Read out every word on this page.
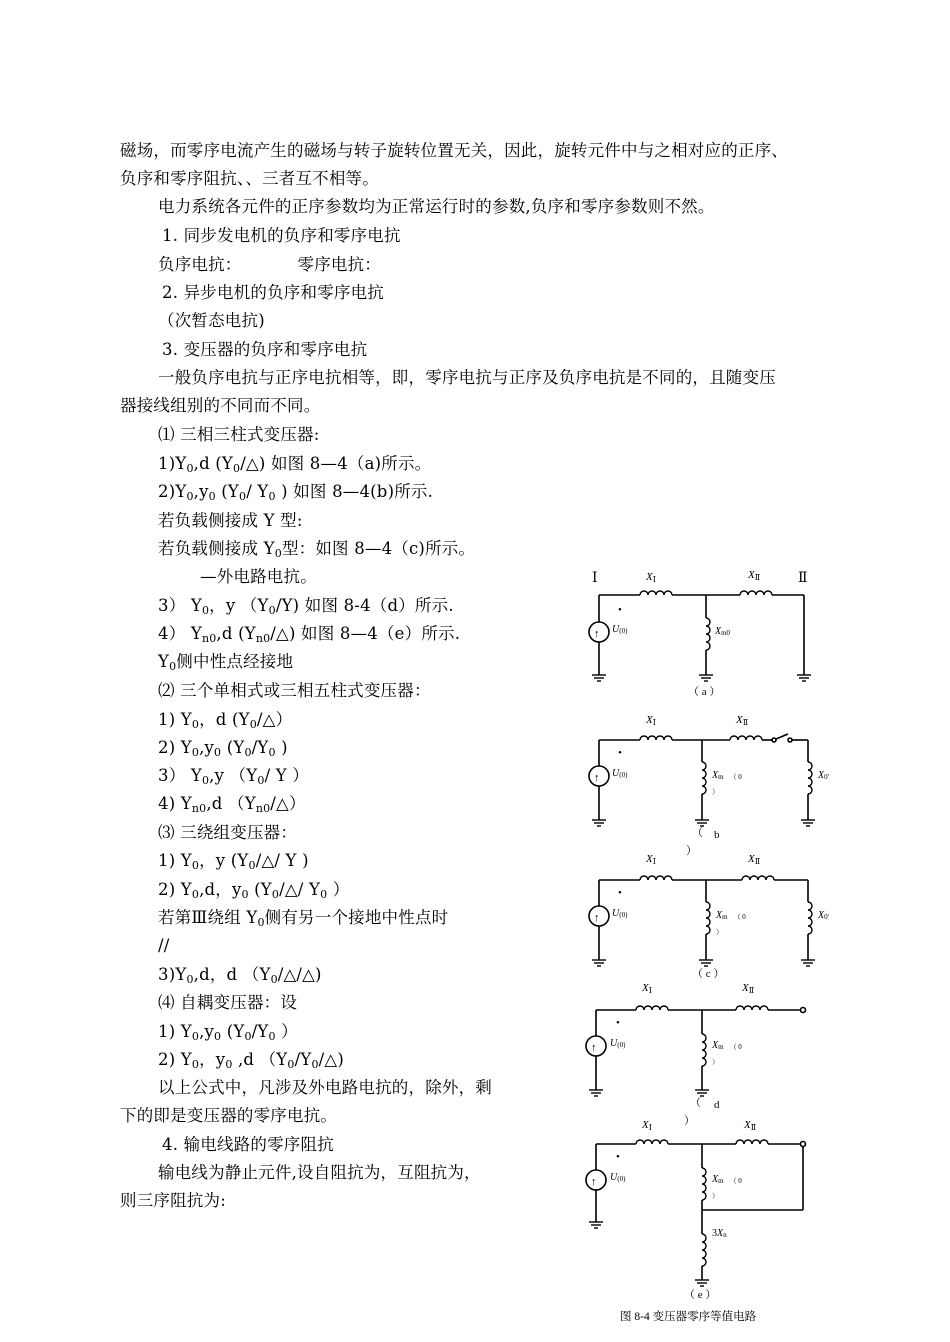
磁场，而零序电流产生的磁场与转子旋转位置无关，因此，旋转元件中与之相对应的正序、
负序和零序阻抗、、三者互不相等。
电力系统各元件的正序参数均为正常运行时的参数,负序和零序参数则不然。
1. 同步发电机的负序和零序电抗
负序电抗：	零序电抗：
2. 异步电机的负序和零序电抗
（次暂态电抗)
3. 变压器的负序和零序电抗
一般负序电抗与正序电抗相等，即，零序电抗与正序及负序电抗是不同的，且随变压
器接线组别的不同而不同。
⑴ 三相三柱式变压器:
$1)Y_0,d$ $(Y_0/\triangle)$ 如图 8—4（a)所示。
$2)Y_0,y_0$ ($Y_0/$ $Y_0$ ) 如图 8—4(b)所示.
若负载侧接成 Y 型:
若负载侧接成 $Y_0$型：如图 8—4（c)所示。
—外电路电抗。
3） $Y_0$，y $(Y_0/Y)$ 如图 8-4（d）所示.
4） $Y_{n0},d$ $(Y_{n0}/\triangle)$ 如图 8—4（e）所示.
$Y_0$侧中性点经接地
⑵ 三个单相式或三相五柱式变压器：
1) $Y_0$，d $(Y_0/\triangle)$
2) $Y_0,y_0$ ($Y_0/Y_0$ )
3） $Y_0,y$ （$Y_0/$ Y ）
4) $Y_{n0},d$ $(Y_{n0}/\triangle)$
⑶ 三绕组变压器：
1) $Y_0$，y ($Y_0/\triangle/$ Y )
2) $Y_0,d$，$y_0$ ($Y_0/\triangle/$ $Y_0$ ）
若第Ⅲ绕组 $Y_0$侧有另一个接地中性点时
//
$3)Y_0,d$，d $(Y_0/\triangle/\triangle)$
⑷ 自耦变压器：设
1) $Y_0,y_0$ ($Y_0/Y_0$ ）
2) $Y_0$，$y_0$ ,d $(Y_0/Y_0/\triangle)$
以上公式中，凡涉及外电路电抗的，除外，剩
下的即是变压器的零序电抗。
4. 输电线路的零序阻抗
输电线为静止元件,设自阻抗为，互阻抗为，
则三序阻抗为:
Ⅰ	Ⅱ
XⅠ	XⅡ
↑
•
U(0)	Xm0
（ a ）
XⅠ	XⅡ
X0'
↑
•
U(0)	Xm （ 0
）
（ b
）
XⅠ	XⅡ
X0'
↑
•
U(0)	Xm （ 0
）
（ c ）
XⅠ	XⅡ
↑
•
U(0)	Xm （ 0
）
（ d
）
XⅠ	XⅡ
↑
•
U(0)	Xm （ 0
）
3Xn
（ e ）
图 8-4 变压器零序等值电路
